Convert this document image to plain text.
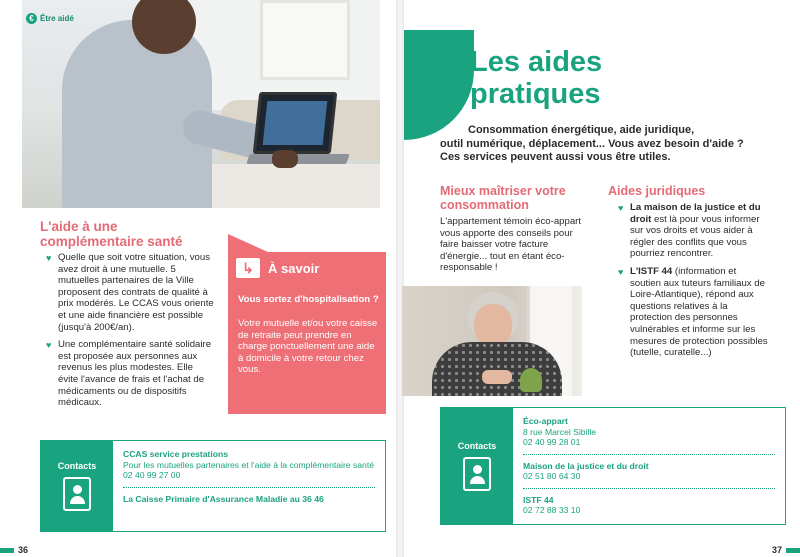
€ Être aidé
L'aide à une complémentaire santé
♥ Quelle que soit votre situation, vous avez droit à une mutuelle. 5 mutuelles partenaires de la Ville proposent des contrats de qualité à prix modérés. Le CCAS vous oriente et une aide financière est possible (jusqu'à 200€/an).
♥ Une complémentaire santé solidaire est proposée aux personnes aux revenus les plus modestes. Elle évite l'avance de frais et l'achat de médicaments ou de dispositifs médicaux.
↳	À savoir
Vous sortez d'hospitalisation ?
Votre mutuelle et/ou votre caisse de retraite peut prendre en charge ponctuellement une aide à domicile à votre retour chez vous.
Contacts
CCAS service prestations
Pour les mutuelles partenaires et l'aide à la complémentaire santé
02 40 99 27 00
La Caisse Primaire d'Assurance Maladie au 36 46
36
Les aides
pratiques
Consommation énergétique, aide juridique,
outil numérique, déplacement... Vous avez besoin d'aide ?
Ces services peuvent aussi vous être utiles.
Mieux maîtriser votre consommation
L'appartement témoin éco-appart vous apporte des conseils pour faire baisser votre facture d'énergie... tout en étant éco-responsable !
Aides juridiques
♥ La maison de la justice et du droit est là pour vous informer sur vos droits et vous aider à régler des conflits que vous pourriez rencontrer.
♥ L'ISTF 44 (information et soutien aux tuteurs familiaux de Loire-Atlantique), répond aux questions relatives à la protection des personnes vulnérables et informe sur les mesures de protection possibles (tutelle, curatelle...)
Contacts
Éco-appart
8 rue Marcel Sibille
02 40 99 28 01
Maison de la justice et du droit
02 51 80 64 30
ISTF 44
02 72 88 33 10
37
